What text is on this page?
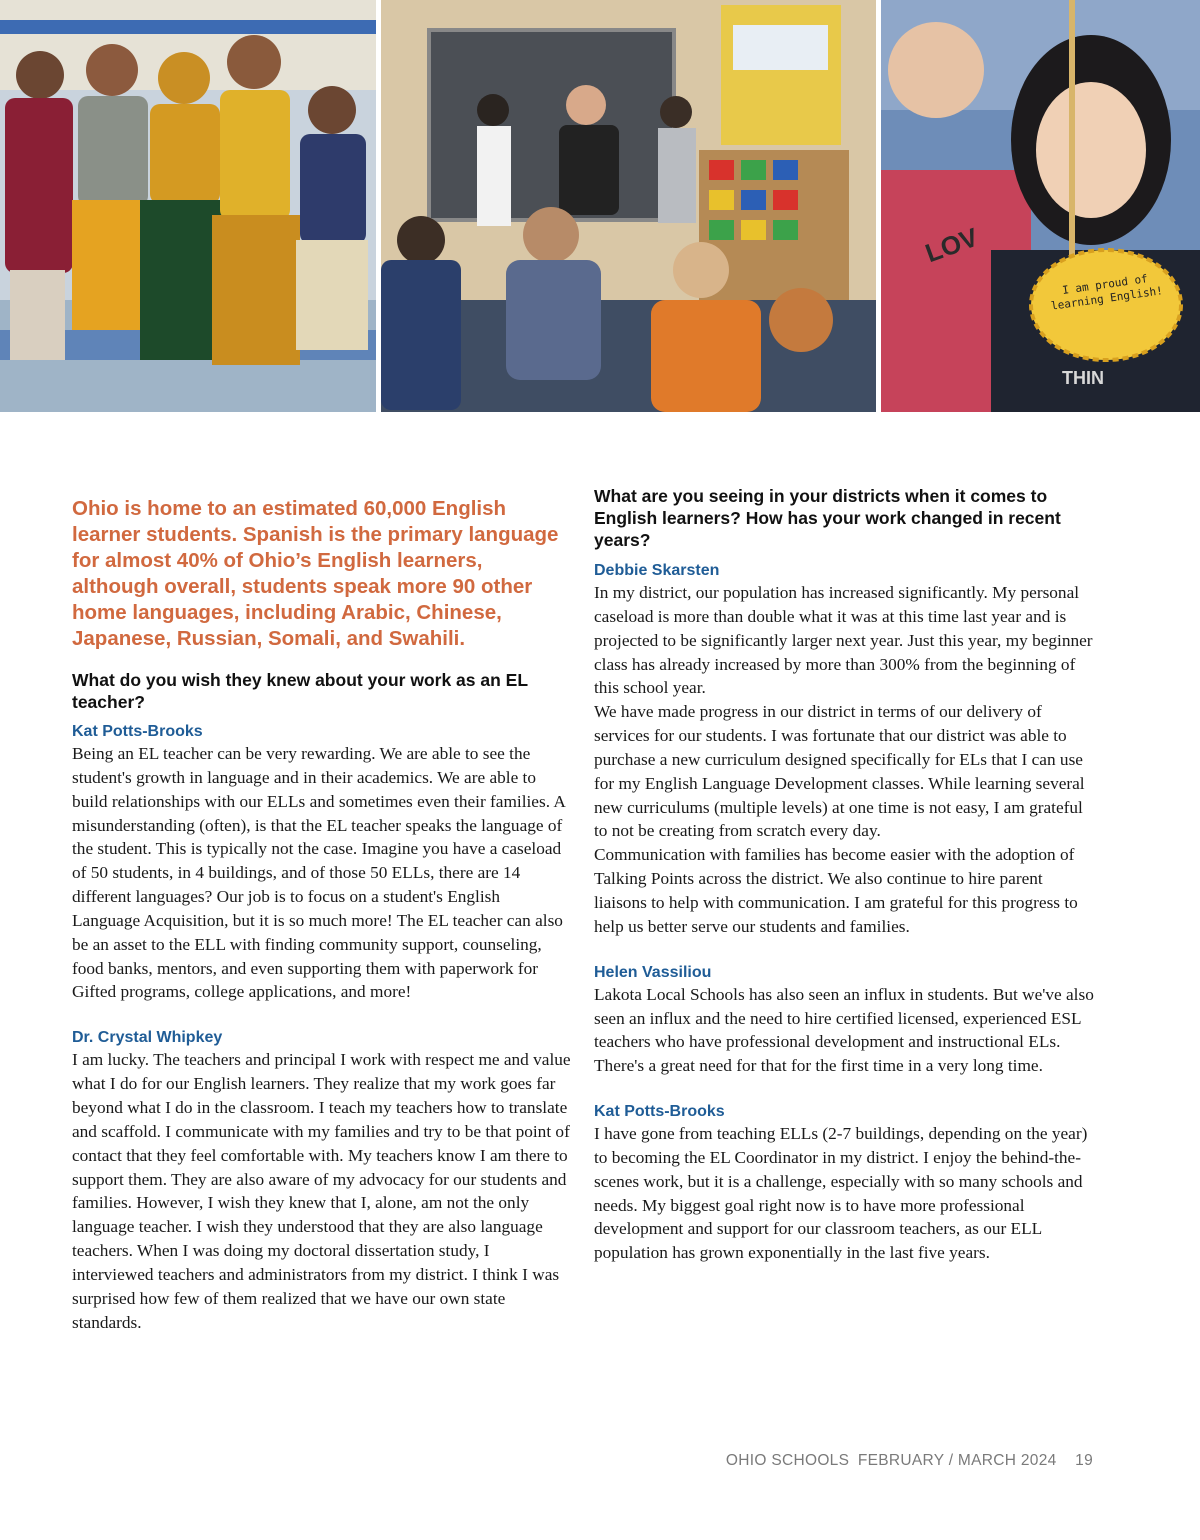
I am proud of learning English!
LOV
THIN

Ohio is home to an estimated 60,000 English learner students. Spanish is the primary language for almost 40% of Ohio’s English learners, although overall, students speak more 90 other home languages, including Arabic, Chinese, Japanese, Russian, Somali, and Swahili.

What do you wish they knew about your work as an EL teacher?
Kat Potts-Brooks

Being an EL teacher can be very rewarding. We are able to see the student's growth in language and in their academics. We are able to build relationships with our ELLs and sometimes even their families. A misunderstanding (often), is that the EL teacher speaks the language of the student. This is typically not the case. Imagine you have a caseload of 50 students, in 4 buildings, and of those 50 ELLs, there are 14 different languages? Our job is to focus on a student's English Language Acquisition, but it is so much more! The EL teacher can also be an asset to the ELL with finding community support, counseling, food banks, mentors, and even supporting them with paperwork for Gifted programs, college applications, and more!

Dr. Crystal Whipkey

I am lucky. The teachers and principal I work with respect me and value what I do for our English learners. They realize that my work goes far beyond what I do in the classroom. I teach my teachers how to translate and scaffold. I communicate with my families and try to be that point of contact that they feel comfortable with. My teachers know I am there to support them. They are also aware of my advocacy for our students and families. However, I wish they knew that I, alone, am not the only language teacher. I wish they understood that they are also language teachers. When I was doing my doctoral dissertation study, I interviewed teachers and administrators from my district. I think I was surprised how few of them realized that we have our own state standards.

What are you seeing in your districts when it comes to English learners? How has your work changed in recent years?
Debbie Skarsten

In my district, our population has increased significantly. My personal caseload is more than double what it was at this time last year and is projected to be significantly larger next year. Just this year, my beginner class has already increased by more than 300% from the beginning of this school year.

We have made progress in our district in terms of our delivery of services for our students. I was fortunate that our district was able to purchase a new curriculum designed specifically for ELs that I can use for my English Language Development classes. While learning several new curriculums (multiple levels) at one time is not easy, I am grateful to not be creating from scratch every day.

Communication with families has become easier with the adoption of Talking Points across the district. We also continue to hire parent liaisons to help with communication. I am grateful for this progress to help us better serve our students and families.

Helen Vassiliou

Lakota Local Schools has also seen an influx in students. But we've also seen an influx and the need to hire certified licensed, experienced ESL teachers who have professional development and instructional ELs. There's a great need for that for the first time in a very long time.

Kat Potts-Brooks

I have gone from teaching ELLs (2-7 buildings, depending on the year) to becoming the EL Coordinator in my district. I enjoy the behind-the-scenes work, but it is a challenge, especially with so many schools and needs. My biggest goal right now is to have more professional development and support for our classroom teachers, as our ELL population has grown exponentially in the last five years.

OHIO SCHOOLS FEBRUARY / MARCH 2024 19
